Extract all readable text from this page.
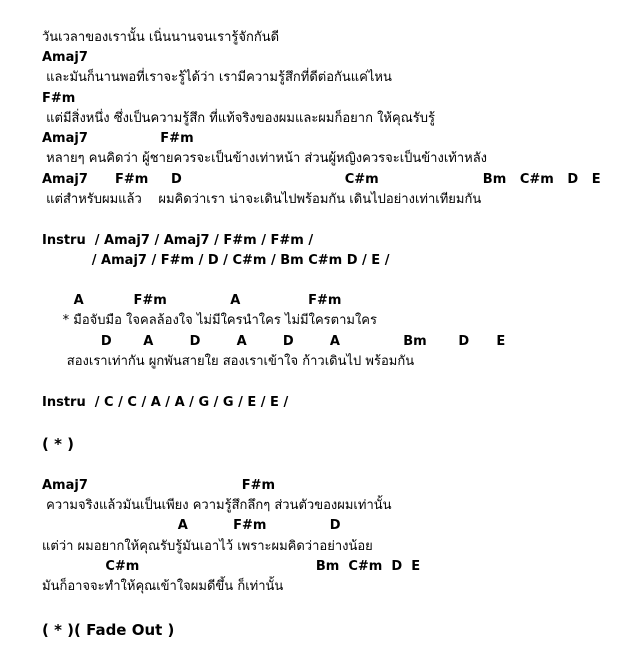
วันเวลาของเรานั้น เนิ่นนานจนเรารู้จักกันดี
Amaj7
และมันก็นานพอที่เราจะรู้ได้ว่า เรามีความรู้สึกที่ดีต่อกันแค่ไหน
F#m
แต่มีสิ่งหนึ่ง ซึ่งเป็นความรู้สึก ที่แท้จริงของผมและผมก็อยาก ให้คุณรับรู้
Amaj7                F#m
หลายๆ คนคิดว่า ผู้ชายควรจะเป็นข้างเท่าหน้า ส่วนผู้หญิงควรจะเป็นข้างเท้าหลัง
Amaj7      F#m     D                                    C#m                       Bm   C#m   D   E
แต่สำหรับผมแล้ว    ผมคิดว่าเรา น่าจะเดินไปพร้อมกัน เดินไปอย่างเท่าเทียมกัน
Instru  / Amaj7 / Amaj7 / F#m / F#m /
/ Amaj7 / F#m / D / C#m / Bm C#m D / E /
A           F#m              A               F#m
* มือจับมือ ใจคลล้องใจ ไม่มีใครนำใคร ไม่มีใครตามใคร
D       A        D        A        D        A              Bm       D      E
สองเราเท่ากัน ผูกพันสายใย สองเราเข้าใจ ก้าวเดินไป พร้อมกัน
Instru  / C / C / A / A / G / G / E / E /
( * )
Amaj7                                  F#m
ความจริงแล้วมันเป็นเพียง ความรู้สึกลึกๆ ส่วนตัวของผมเท่านั้น
A          F#m              D
แต่ว่า ผมอยากให้คุณรับรู้มันเอาไว้ เพราะผมคิดว่าอย่างน้อย
C#m                                       Bm  C#m  D  E
มันก็อาจจะทำให้คุณเข้าใจผมดีขึ้น ก็เท่านั้น
( * )( Fade Out )
